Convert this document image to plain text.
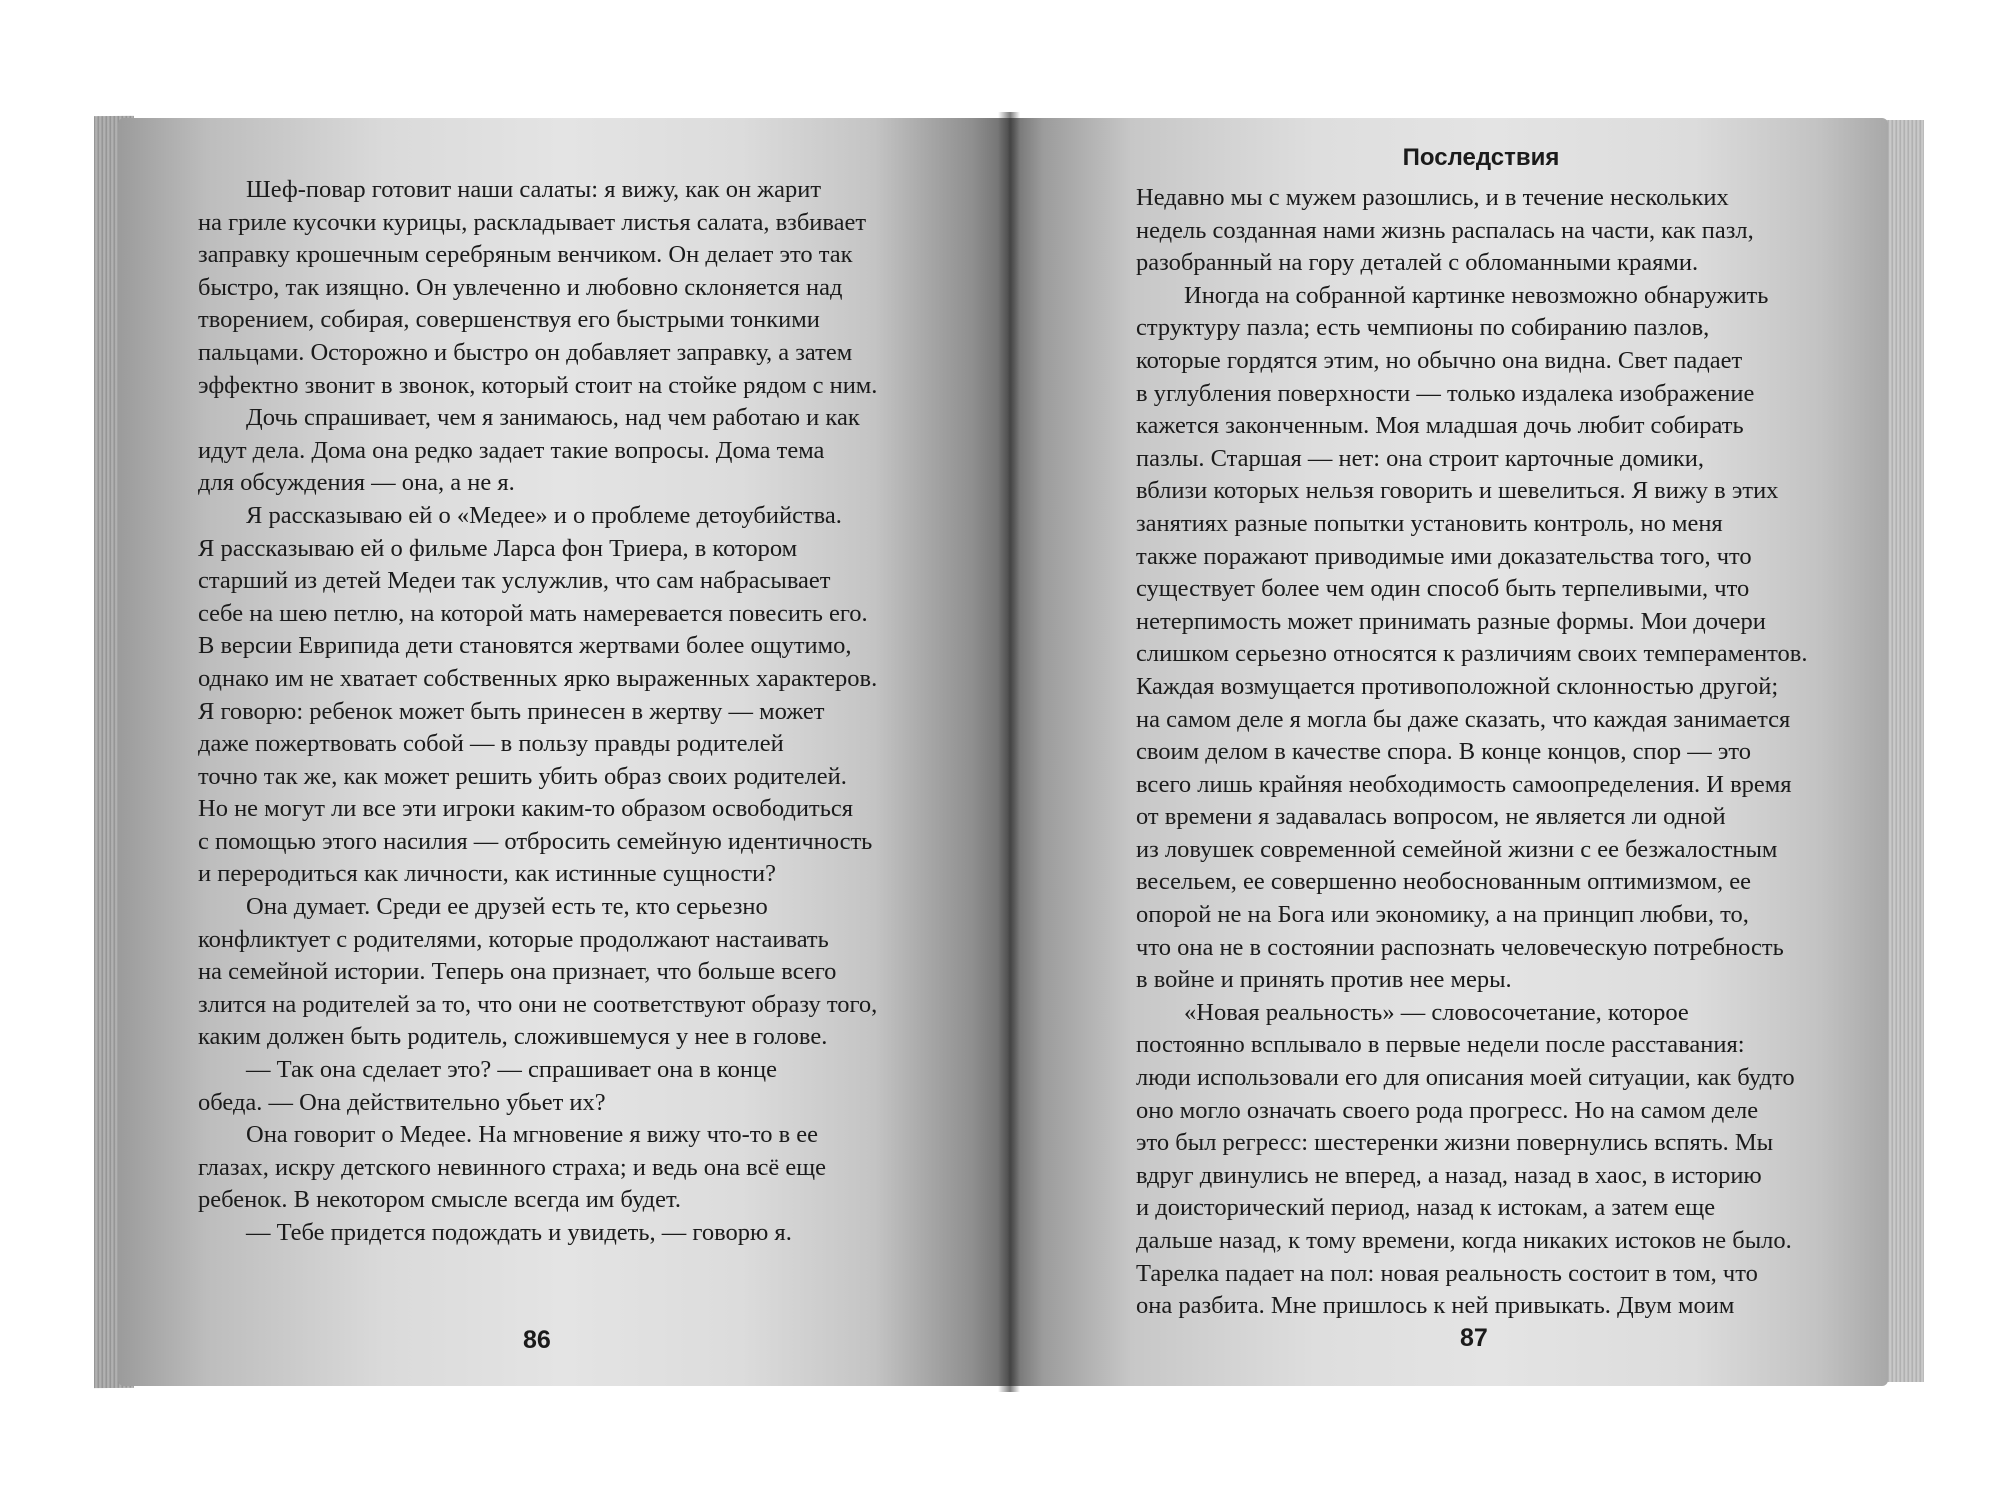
Шеф-повар готовит наши салаты: я вижу, как он жарит
на гриле кусочки курицы, раскладывает листья салата, взбивает
заправку крошечным серебряным венчиком. Он делает это так
быстро, так изящно. Он увлеченно и любовно склоняется над
творением, собирая, совершенствуя его быстрыми тонкими
пальцами. Осторожно и быстро он добавляет заправку, а затем
эффектно звонит в звонок, который стоит на стойке рядом с ним.
Дочь спрашивает, чем я занимаюсь, над чем работаю и как
идут дела. Дома она редко задает такие вопросы. Дома тема
для обсуждения — она, а не я.
Я рассказываю ей о «Медее» и о проблеме детоубийства.
Я рассказываю ей о фильме Ларса фон Триера, в котором
старший из детей Медеи так услужлив, что сам набрасывает
себе на шею петлю, на которой мать намеревается повесить его.
В версии Еврипида дети становятся жертвами более ощутимо,
однако им не хватает собственных ярко выраженных характеров.
Я говорю: ребенок может быть принесен в жертву — может
даже пожертвовать собой — в пользу правды родителей
точно так же, как может решить убить образ своих родителей.
Но не могут ли все эти игроки каким-то образом освободиться
с помощью этого насилия — отбросить семейную идентичность
и переродиться как личности, как истинные сущности?
Она думает. Среди ее друзей есть те, кто серьезно
конфликтует с родителями, которые продолжают настаивать
на семейной истории. Теперь она признает, что больше всего
злится на родителей за то, что они не соответствуют образу того,
каким должен быть родитель, сложившемуся у нее в голове.
— Так она сделает это? — спрашивает она в конце
обеда. — Она действительно убьет их?
Она говорит о Медее. На мгновение я вижу что-то в ее
глазах, искру детского невинного страха; и ведь она всё еще
ребенок. В некотором смысле всегда им будет.
— Тебе придется подождать и увидеть, — говорю я.
86
Последствия
Недавно мы с мужем разошлись, и в течение нескольких
недель созданная нами жизнь распалась на части, как пазл,
разобранный на гору деталей с обломанными краями.
Иногда на собранной картинке невозможно обнаружить
структуру пазла; есть чемпионы по собиранию пазлов,
которые гордятся этим, но обычно она видна. Свет падает
в углубления поверхности — только издалека изображение
кажется законченным. Моя младшая дочь любит собирать
пазлы. Старшая — нет: она строит карточные домики,
вблизи которых нельзя говорить и шевелиться. Я вижу в этих
занятиях разные попытки установить контроль, но меня
также поражают приводимые ими доказательства того, что
существует более чем один способ быть терпеливыми, что
нетерпимость может принимать разные формы. Мои дочери
слишком серьезно относятся к различиям своих темпераментов.
Каждая возмущается противоположной склонностью другой;
на самом деле я могла бы даже сказать, что каждая занимается
своим делом в качестве спора. В конце концов, спор — это
всего лишь крайняя необходимость самоопределения. И время
от времени я задавалась вопросом, не является ли одной
из ловушек современной семейной жизни с ее безжалостным
весельем, ее совершенно необоснованным оптимизмом, ее
опорой не на Бога или экономику, а на принцип любви, то,
что она не в состоянии распознать человеческую потребность
в войне и принять против нее меры.
«Новая реальность» — словосочетание, которое
постоянно всплывало в первые недели после расставания:
люди использовали его для описания моей ситуации, как будто
оно могло означать своего рода прогресс. Но на самом деле
это был регресс: шестеренки жизни повернулись вспять. Мы
вдруг двинулись не вперед, а назад, назад в хаос, в историю
и доисторический период, назад к истокам, а затем еще
дальше назад, к тому времени, когда никаких истоков не было.
Тарелка падает на пол: новая реальность состоит в том, что
она разбита. Мне пришлось к ней привыкать. Двум моим
87
